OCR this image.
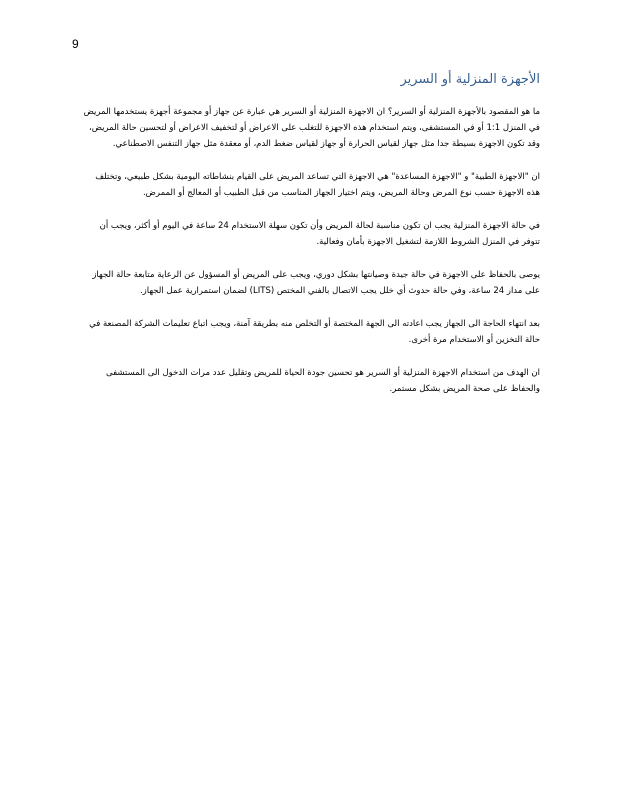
9
الأجهزة المنزلية أو السرير

ما هو المقصود بالأجهزة المنزلية أو السرير؟ ان الاجهزة المنزلية أو السرير هي عبارة عن جهاز أو مجموعة أجهزة يستخدمها المريض في المنزل 1:1 أو في المستشفى، ويتم استخدام هذه الاجهزة للتغلب على الاعراض أو لتخفيف الاعراض أو لتحسين حالة المريض، وقد تكون الاجهزة بسيطة جدا مثل جهاز لقياس الحرارة أو جهاز لقياس ضغط الدم، أو معقدة مثل جهاز التنفس الاصطناعي.

ان "الاجهزة الطبية" و "الاجهزة المساعدة" هي الاجهزة التي تساعد المريض على القيام بنشاطاته اليومية بشكل طبيعي، وتختلف هذه الاجهزة حسب نوع المرض وحالة المريض، ويتم اختيار الجهاز المناسب من قبل الطبيب أو المعالج أو الممرض.

في حالة الاجهزة المنزلية يجب ان تكون مناسبة لحالة المريض وأن تكون سهلة الاستخدام 24 ساعة في اليوم أو أكثر، ويجب أن تتوفر في المنزل الشروط اللازمة لتشغيل الاجهزة بأمان وفعالية.

يوصى بالحفاظ على الاجهزة في حالة جيدة وصيانتها بشكل دوري، ويجب على المريض أو المسؤول عن الرعاية متابعة حالة الجهاز على مدار 24 ساعة، وفي حالة حدوث أي خلل يجب الاتصال بالفني المختص (LITS) لضمان استمرارية عمل الجهاز.

بعد انتهاء الحاجة الى الجهاز يجب اعادته الى الجهة المختصة أو التخلص منه بطريقة آمنة، ويجب اتباع تعليمات الشركة المصنعة في حالة التخزين أو الاستخدام مرة أخرى.

ان الهدف من استخدام الاجهزة المنزلية أو السرير هو تحسين جودة الحياة للمريض وتقليل عدد مرات الدخول الى المستشفى والحفاظ على صحة المريض بشكل مستمر.
